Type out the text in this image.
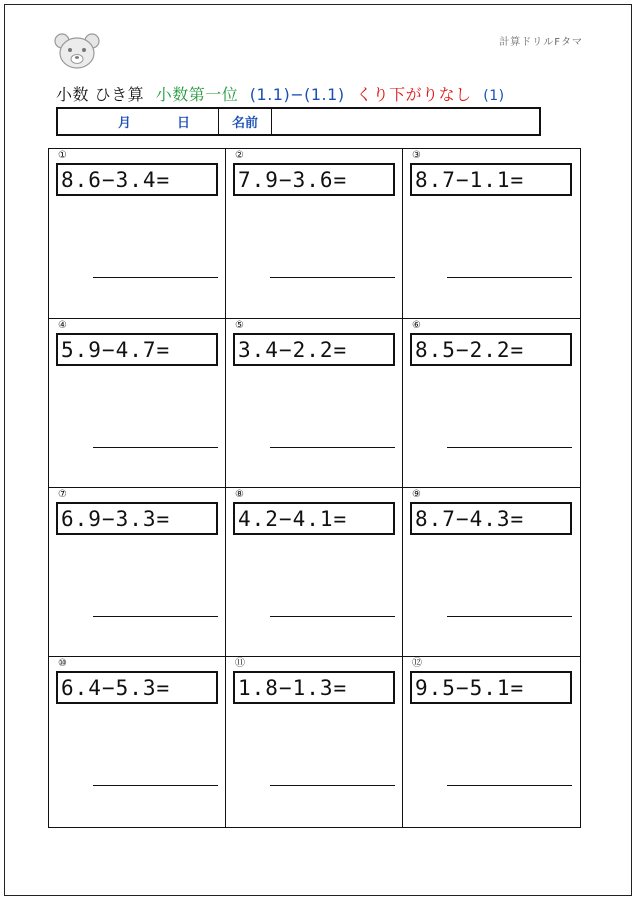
計算ドリルFタマ
小数 ひき算 小数第一位 (1.1)−(1.1) くり下がりなし (1)
月	日	名前
①
8.6−3.4=
②
7.9−3.6=
③
8.7−1.1=
④
5.9−4.7=
⑤
3.4−2.2=
⑥
8.5−2.2=
⑦
6.9−3.3=
⑧
4.2−4.1=
⑨
8.7−4.3=
⑩
6.4−5.3=
⑪
1.8−1.3=
⑫
9.5−5.1=
